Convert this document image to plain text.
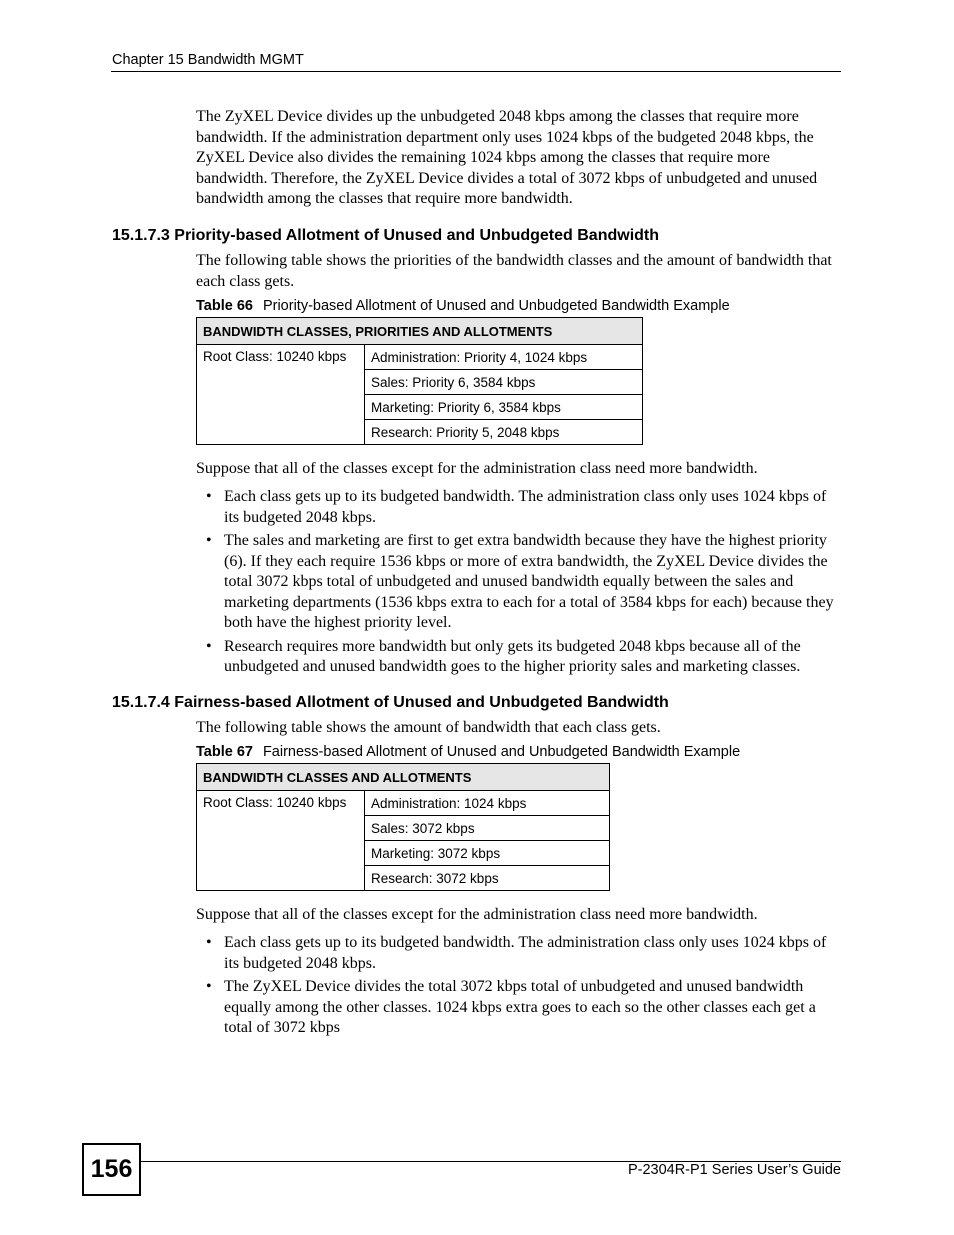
Chapter 15 Bandwidth MGMT
The ZyXEL Device divides up the unbudgeted 2048 kbps among the classes that require more bandwidth. If the administration department only uses 1024 kbps of the budgeted 2048 kbps, the ZyXEL Device also divides the remaining 1024 kbps among the classes that require more bandwidth. Therefore, the ZyXEL Device divides a total of 3072 kbps of unbudgeted and unused bandwidth among the classes that require more bandwidth.
15.1.7.3 Priority-based Allotment of Unused and Unbudgeted Bandwidth
The following table shows the priorities of the bandwidth classes and the amount of bandwidth that each class gets.
Table 66 Priority-based Allotment of Unused and Unbudgeted Bandwidth Example
BANDWIDTH CLASSES, PRIORITIES AND ALLOTMENTS
Root Class: 10240 kbps	Administration: Priority 4, 1024 kbps
Sales: Priority 6, 3584 kbps
Marketing: Priority 6, 3584 kbps
Research: Priority 5, 2048 kbps
Suppose that all of the classes except for the administration class need more bandwidth.
• Each class gets up to its budgeted bandwidth. The administration class only uses 1024 kbps of its budgeted 2048 kbps.
• The sales and marketing are first to get extra bandwidth because they have the highest priority (6). If they each require 1536 kbps or more of extra bandwidth, the ZyXEL Device divides the total 3072 kbps total of unbudgeted and unused bandwidth equally between the sales and marketing departments (1536 kbps extra to each for a total of 3584 kbps for each) because they both have the highest priority level.
• Research requires more bandwidth but only gets its budgeted 2048 kbps because all of the unbudgeted and unused bandwidth goes to the higher priority sales and marketing classes.
15.1.7.4 Fairness-based Allotment of Unused and Unbudgeted Bandwidth
The following table shows the amount of bandwidth that each class gets.
Table 67 Fairness-based Allotment of Unused and Unbudgeted Bandwidth Example
BANDWIDTH CLASSES AND ALLOTMENTS
Root Class: 10240 kbps	Administration: 1024 kbps
Sales: 3072 kbps
Marketing: 3072 kbps
Research: 3072 kbps
Suppose that all of the classes except for the administration class need more bandwidth.
• Each class gets up to its budgeted bandwidth. The administration class only uses 1024 kbps of its budgeted 2048 kbps.
• The ZyXEL Device divides the total 3072 kbps total of unbudgeted and unused bandwidth equally among the other classes. 1024 kbps extra goes to each so the other classes each get a total of 3072 kbps
156	P-2304R-P1 Series User’s Guide
